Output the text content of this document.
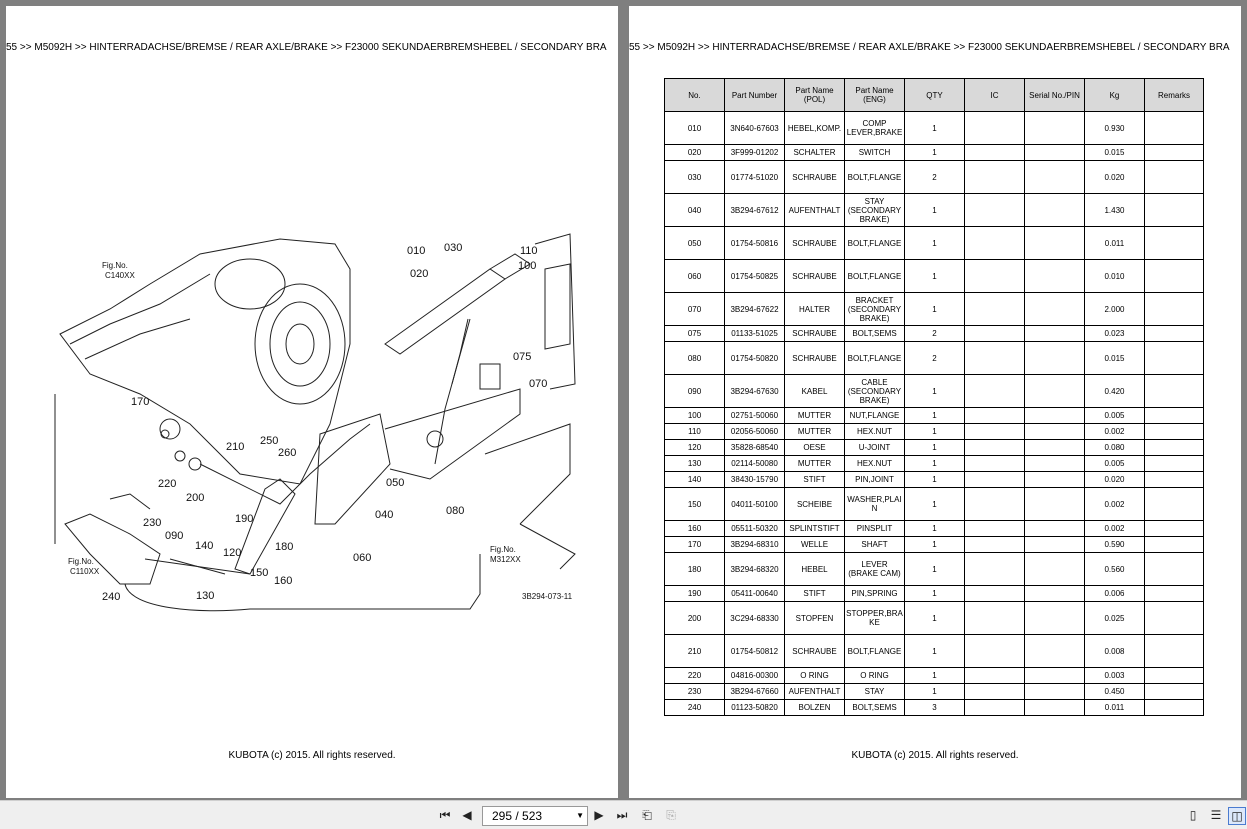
55 >> M5092H >> HINTERRADACHSE/BREMSE / REAR AXLE/BRAKE >> F23000 SEKUNDAERBREMSHEBEL / SECONDARY BRA
010 030	110
100
020
075
070
170
250
260
210
220
200
050
080
040
190
180
230
090
140
120
150
160
060
240	130
Fig.No.
C140XX
Fig.No.
C110XX
Fig.No.
M312XX
3B294-073-11
KUBOTA (c) 2015. All rights reserved.
55 >> M5092H >> HINTERRADACHSE/BREMSE / REAR AXLE/BRAKE >> F23000 SEKUNDAERBREMSHEBEL / SECONDARY BRA
No.	Part Number	Part Name (POL)	Part Name (ENG)	QTY	IC	Serial No./PIN	Kg	Remarks
010	3N640-67603	HEBEL,KOMP.	COMP LEVER,BRAKE	1			0.930	
020	3F999-01202	SCHALTER	SWITCH	1			0.015	
030	01774-51020	SCHRAUBE	BOLT,FLANGE	2			0.020	
040	3B294-67612	AUFENTHALT	STAY (SECONDARY BRAKE)	1			1.430	
050	01754-50816	SCHRAUBE	BOLT,FLANGE	1			0.011	
060	01754-50825	SCHRAUBE	BOLT,FLANGE	1			0.010	
070	3B294-67622	HALTER	BRACKET (SECONDARY BRAKE)	1			2.000	
075	01133-51025	SCHRAUBE	BOLT,SEMS	2			0.023	
080	01754-50820	SCHRAUBE	BOLT,FLANGE	2			0.015	
090	3B294-67630	KABEL	CABLE (SECONDARY BRAKE)	1			0.420	
100	02751-50060	MUTTER	NUT,FLANGE	1			0.005	
110	02056-50060	MUTTER	HEX.NUT	1			0.002	
120	35828-68540	OESE	U-JOINT	1			0.080	
130	02114-50080	MUTTER	HEX.NUT	1			0.005	
140	38430-15790	STIFT	PIN,JOINT	1			0.020	
150	04011-50100	SCHEIBE	WASHER,PLAIN	1			0.002	
160	05511-50320	SPLINTSTIFT	PINSPLIT	1			0.002	
170	3B294-68310	WELLE	SHAFT	1			0.590	
180	3B294-68320	HEBEL	LEVER (BRAKE CAM)	1			0.560	
190	05411-00640	STIFT	PIN,SPRING	1			0.006	
200	3C294-68330	STOPFEN	STOPPER,BRAKE	1			0.025	
210	01754-50812	SCHRAUBE	BOLT,FLANGE	1			0.008	
220	04816-00300	O RING	O RING	1			0.003	
230	3B294-67660	AUFENTHALT	STAY	1			0.450	
240	01123-50820	BOLZEN	BOLT,SEMS	3			0.011	
KUBOTA (c) 2015. All rights reserved.
⏮ ◀ 295 / 523	▼ ▶ ⏭ ⎗ ⎘	▯	☰ ◫
